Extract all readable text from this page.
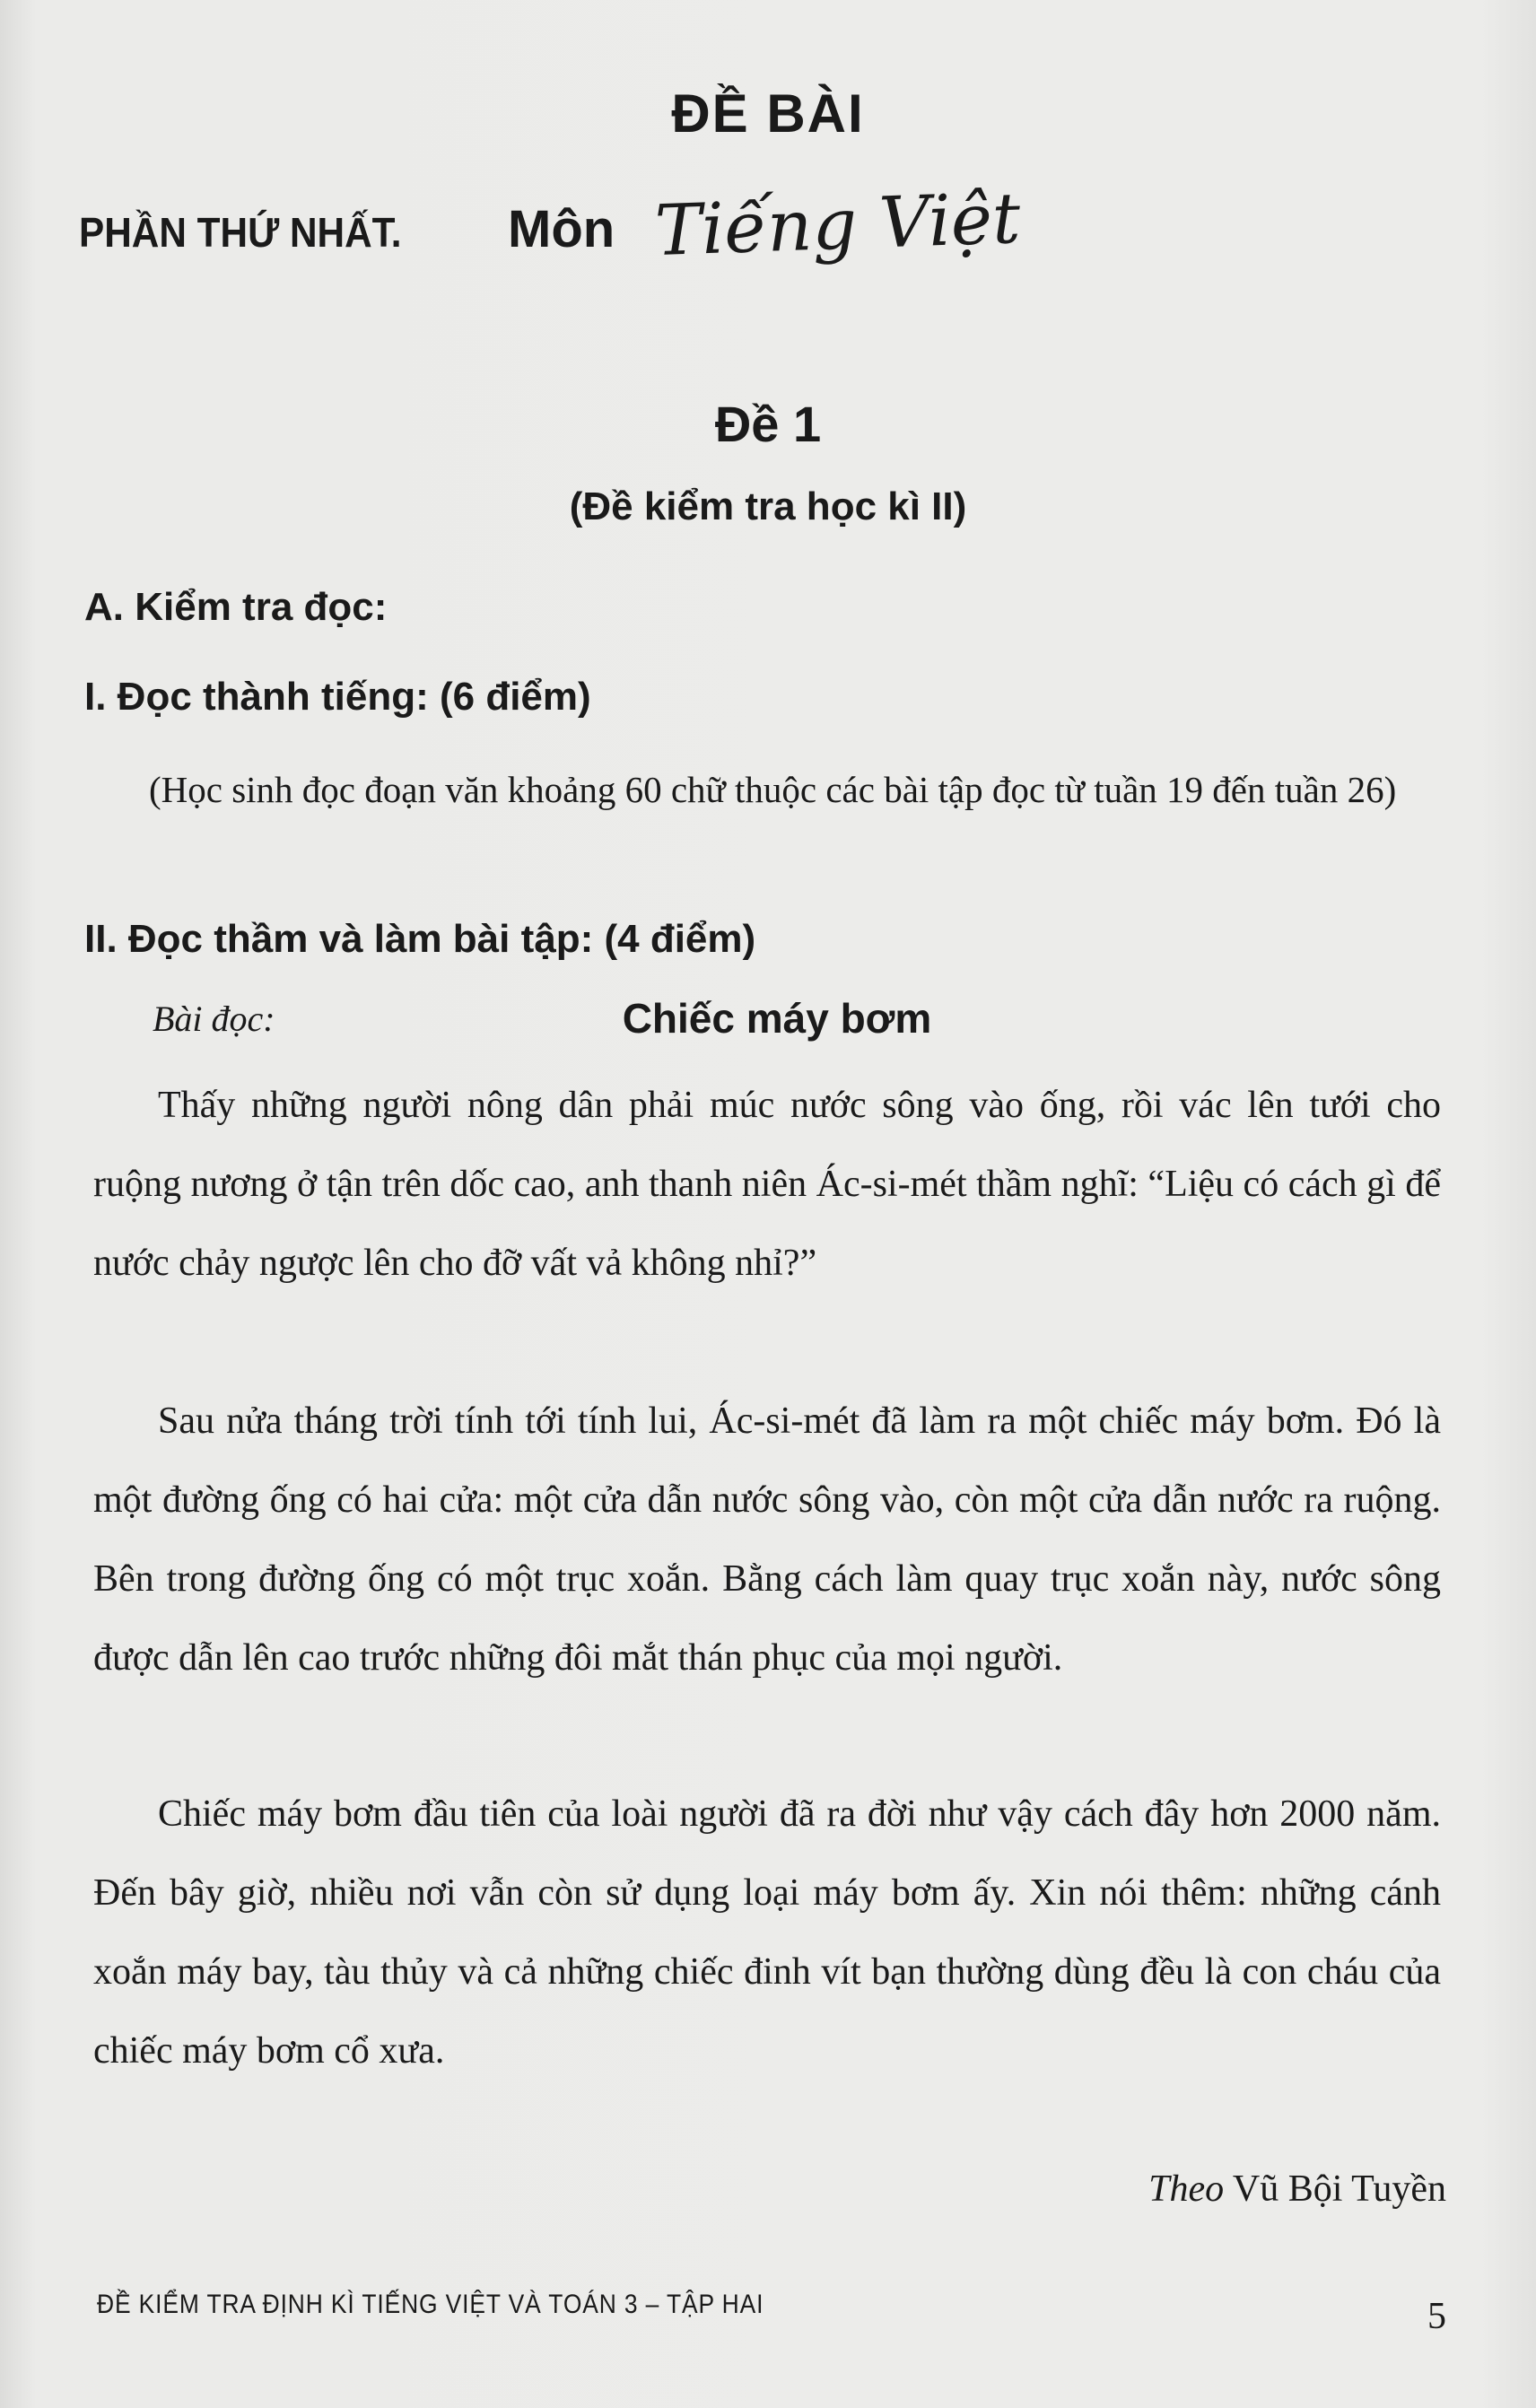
ĐỀ BÀI
PHẦN THỨ NHẤT. Môn Tiếng Việt
Đề 1
(Đề kiểm tra học kì II)
A. Kiểm tra đọc:
I. Đọc thành tiếng: (6 điểm)
(Học sinh đọc đoạn văn khoảng 60 chữ thuộc các bài tập đọc từ tuần 19 đến tuần 26)
II. Đọc thầm và làm bài tập: (4 điểm)
Bài đọc:	Chiếc máy bơm
Thấy những người nông dân phải múc nước sông vào ống, rồi vác lên tưới cho ruộng nương ở tận trên dốc cao, anh thanh niên Ác-si-mét thầm nghĩ: “Liệu có cách gì để nước chảy ngược lên cho đỡ vất vả không nhỉ?”
Sau nửa tháng trời tính tới tính lui, Ác-si-mét đã làm ra một chiếc máy bơm. Đó là một đường ống có hai cửa: một cửa dẫn nước sông vào, còn một cửa dẫn nước ra ruộng. Bên trong đường ống có một trục xoắn. Bằng cách làm quay trục xoắn này, nước sông được dẫn lên cao trước những đôi mắt thán phục của mọi người.
Chiếc máy bơm đầu tiên của loài người đã ra đời như vậy cách đây hơn 2000 năm. Đến bây giờ, nhiều nơi vẫn còn sử dụng loại máy bơm ấy. Xin nói thêm: những cánh xoắn máy bay, tàu thủy và cả những chiếc đinh vít bạn thường dùng đều là con cháu của chiếc máy bơm cổ xưa.
Theo Vũ Bội Tuyền
ĐỀ KIỂM TRA ĐỊNH KÌ TIẾNG VIỆT VÀ TOÁN 3 – TẬP HAI	5
